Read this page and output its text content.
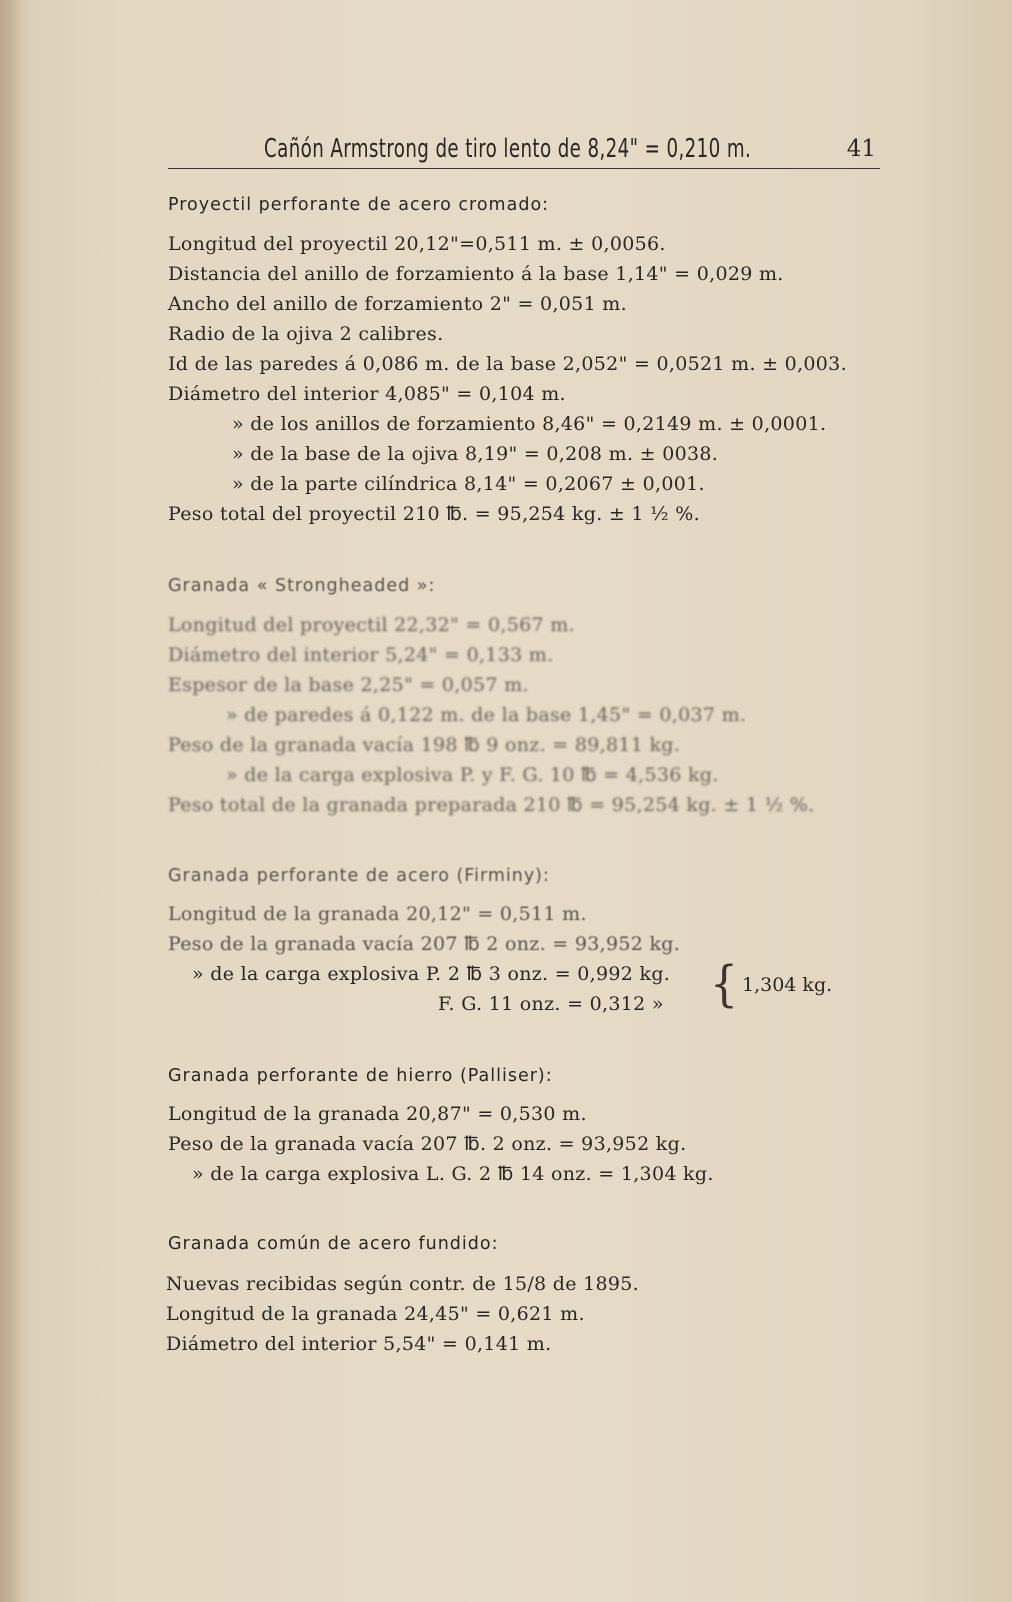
Cañón Armstrong de tiro lento de 8,24" = 0,210 m.	41
Proyectil perforante de acero cromado:
Longitud del proyectil 20,12"=0,511 m. ± 0,0056.
Distancia del anillo de forzamiento á la base 1,14" = 0,029 m.
Ancho del anillo de forzamiento 2" = 0,051 m.
Radio de la ojiva 2 calibres.
Id de las paredes á 0,086 m. de la base 2,052" = 0,0521 m. ± 0,003.
Diámetro del interior 4,085" = 0,104 m.
» de los anillos de forzamiento 8,46" = 0,2149 m. ± 0,0001.
» de la base de la ojiva 8,19" = 0,208 m. ± 0038.
» de la parte cilíndrica 8,14" = 0,2067 ± 0,001.
Peso total del proyectil 210 ℔. = 95,254 kg. ± 1 ½ %.
Granada « Strongheaded »:
Longitud del proyectil 22,32" = 0,567 m.
Diámetro del interior 5,24" = 0,133 m.
Espesor de la base 2,25" = 0,057 m.
» de paredes á 0,122 m. de la base 1,45" = 0,037 m.
Peso de la granada vacía 198 ℔ 9 onz. = 89,811 kg.
» de la carga explosiva P. y F. G. 10 ℔ = 4,536 kg.
Peso total de la granada preparada 210 ℔ = 95,254 kg. ± 1 ½ %.
Granada perforante de acero (Firminy):
Longitud de la granada 20,12" = 0,511 m.
Peso de la granada vacía 207 ℔ 2 onz. = 93,952 kg.
» de la carga explosiva P. 2 ℔ 3 onz. = 0,992 kg.
F. G. 11 onz. = 0,312 » { 1,304 kg.
Granada perforante de hierro (Palliser):
Longitud de la granada 20,87" = 0,530 m.
Peso de la granada vacía 207 ℔. 2 onz. = 93,952 kg.
» de la carga explosiva L. G. 2 ℔ 14 onz. = 1,304 kg.
Granada común de acero fundido:
Nuevas recibidas según contr. de 15/8 de 1895.
Longitud de la granada 24,45" = 0,621 m.
Diámetro del interior 5,54" = 0,141 m.
